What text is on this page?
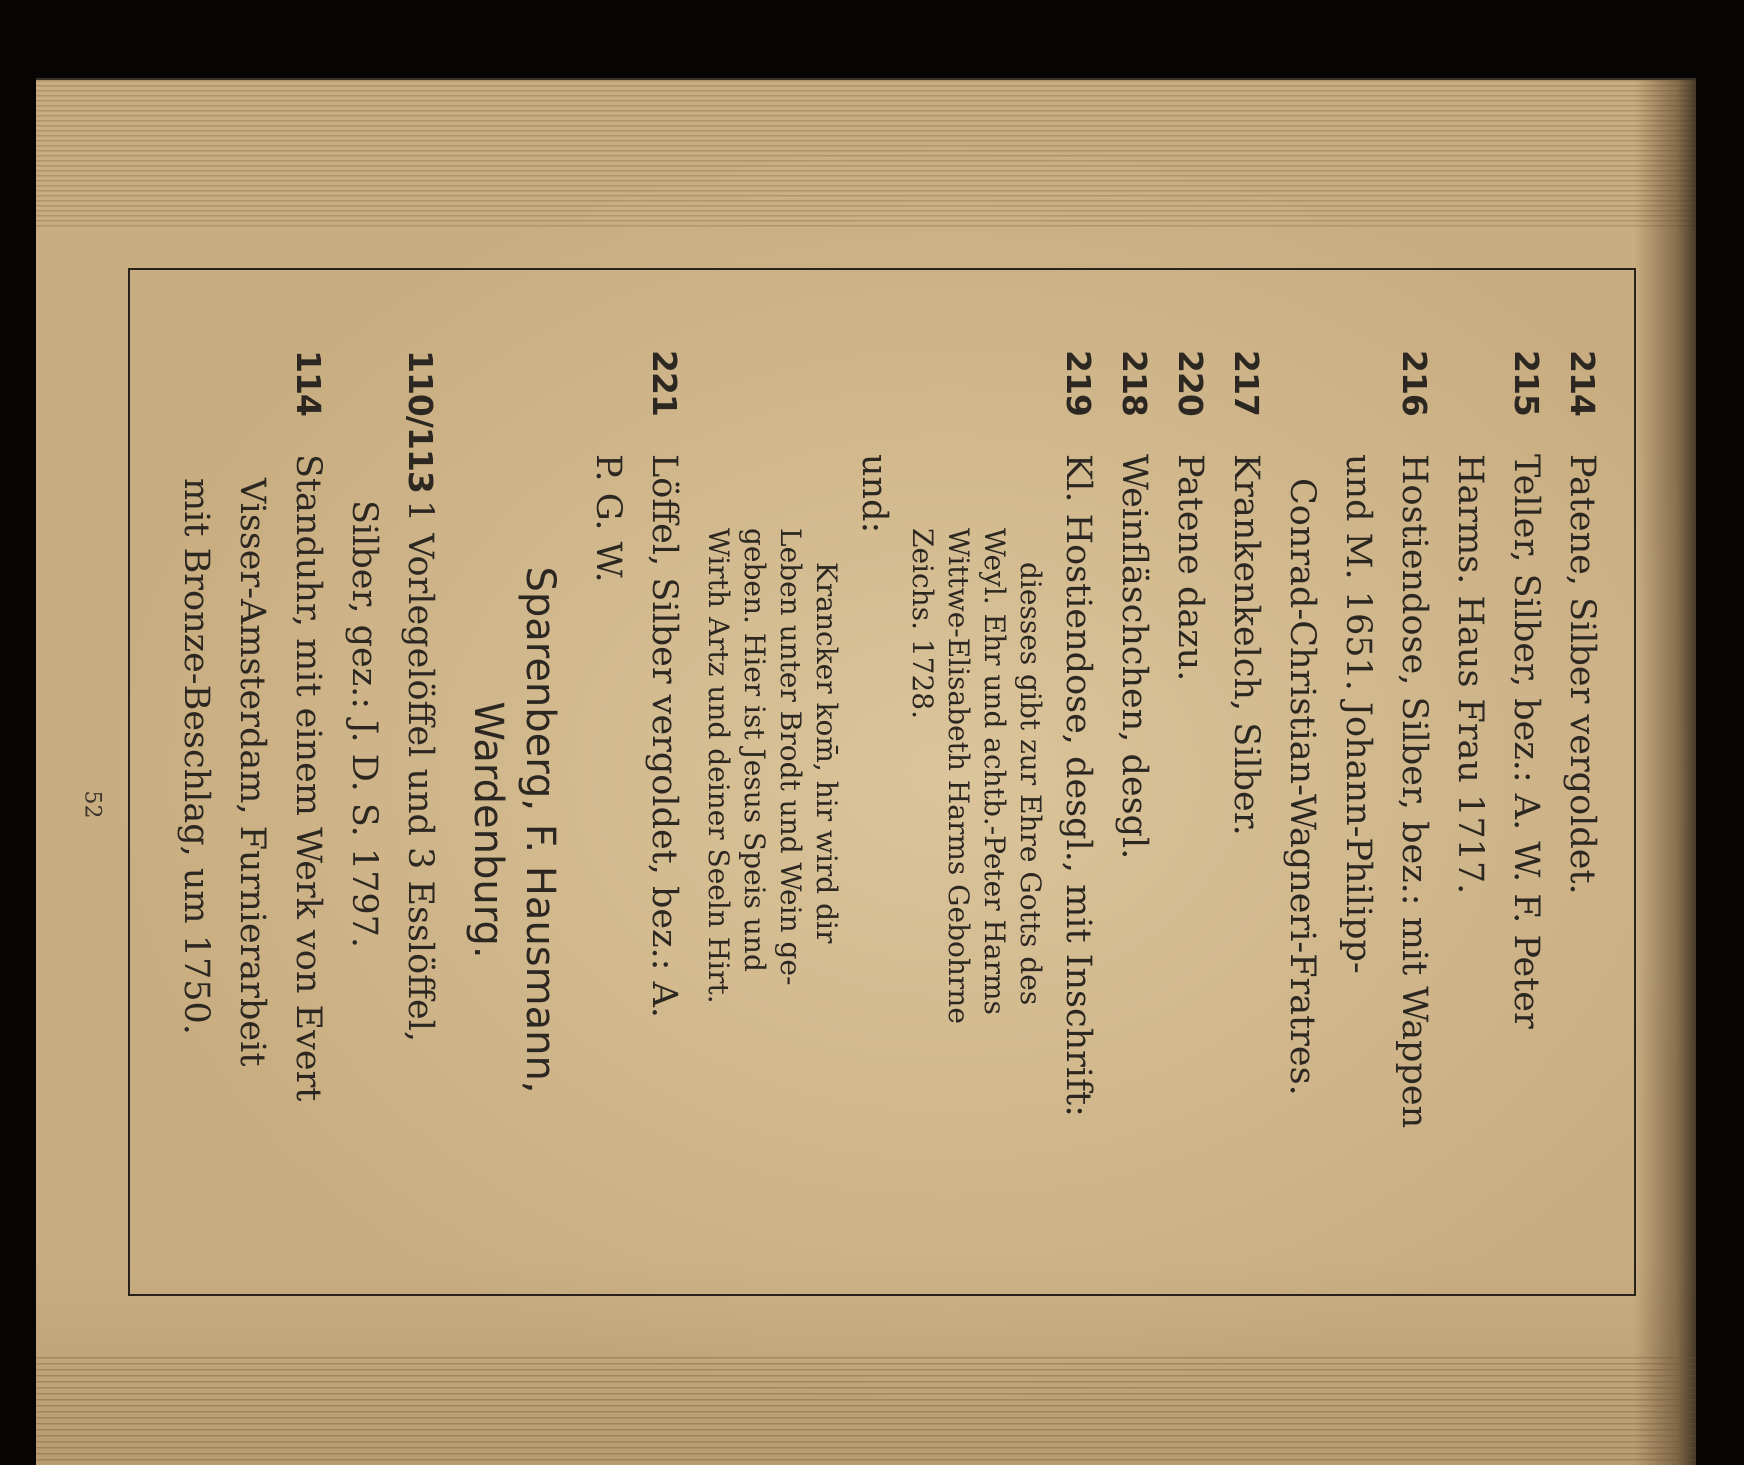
214
Patene, Silber vergoldet.
215
Teller, Silber, bez.: A. W. F. Peter
Harms. Haus Frau 1717.
216
Hostiendose, Silber, bez.: mit Wappen
und M. 1651. Johann-Philipp-
Conrad-Christian-Wagneri-Fratres.
217
Krankenkelch, Silber.
220
Patene dazu.
218
Weinfläschchen, desgl.
219
Kl. Hostiendose, desgl., mit Inschrift:
diesses gibt zur Ehre Gotts des
Weyl. Ehr und achtb.-Peter Harms
Wittwe-Elisabeth Harms Gebohrne
Zeichs. 1728.
und:
Krancker kom̄, hir wird dir
Leben unter Brodt und Wein ge-
geben. Hier ist Jesus Speis und
Wirth Artz und deiner Seeln Hirt.
221
Löffel, Silber vergoldet, bez.: A.
P. G. W.
Sparenberg, F. Hausmann,
Wardenburg.
110/113
1 Vorlegelöffel und 3 Esslöffel,
Silber, gez.: J. D. S. 1797.
114
Standuhr, mit einem Werk von Evert
Visser-Amsterdam, Furnierarbeit
mit Bronze-Beschlag, um 1750.
52
